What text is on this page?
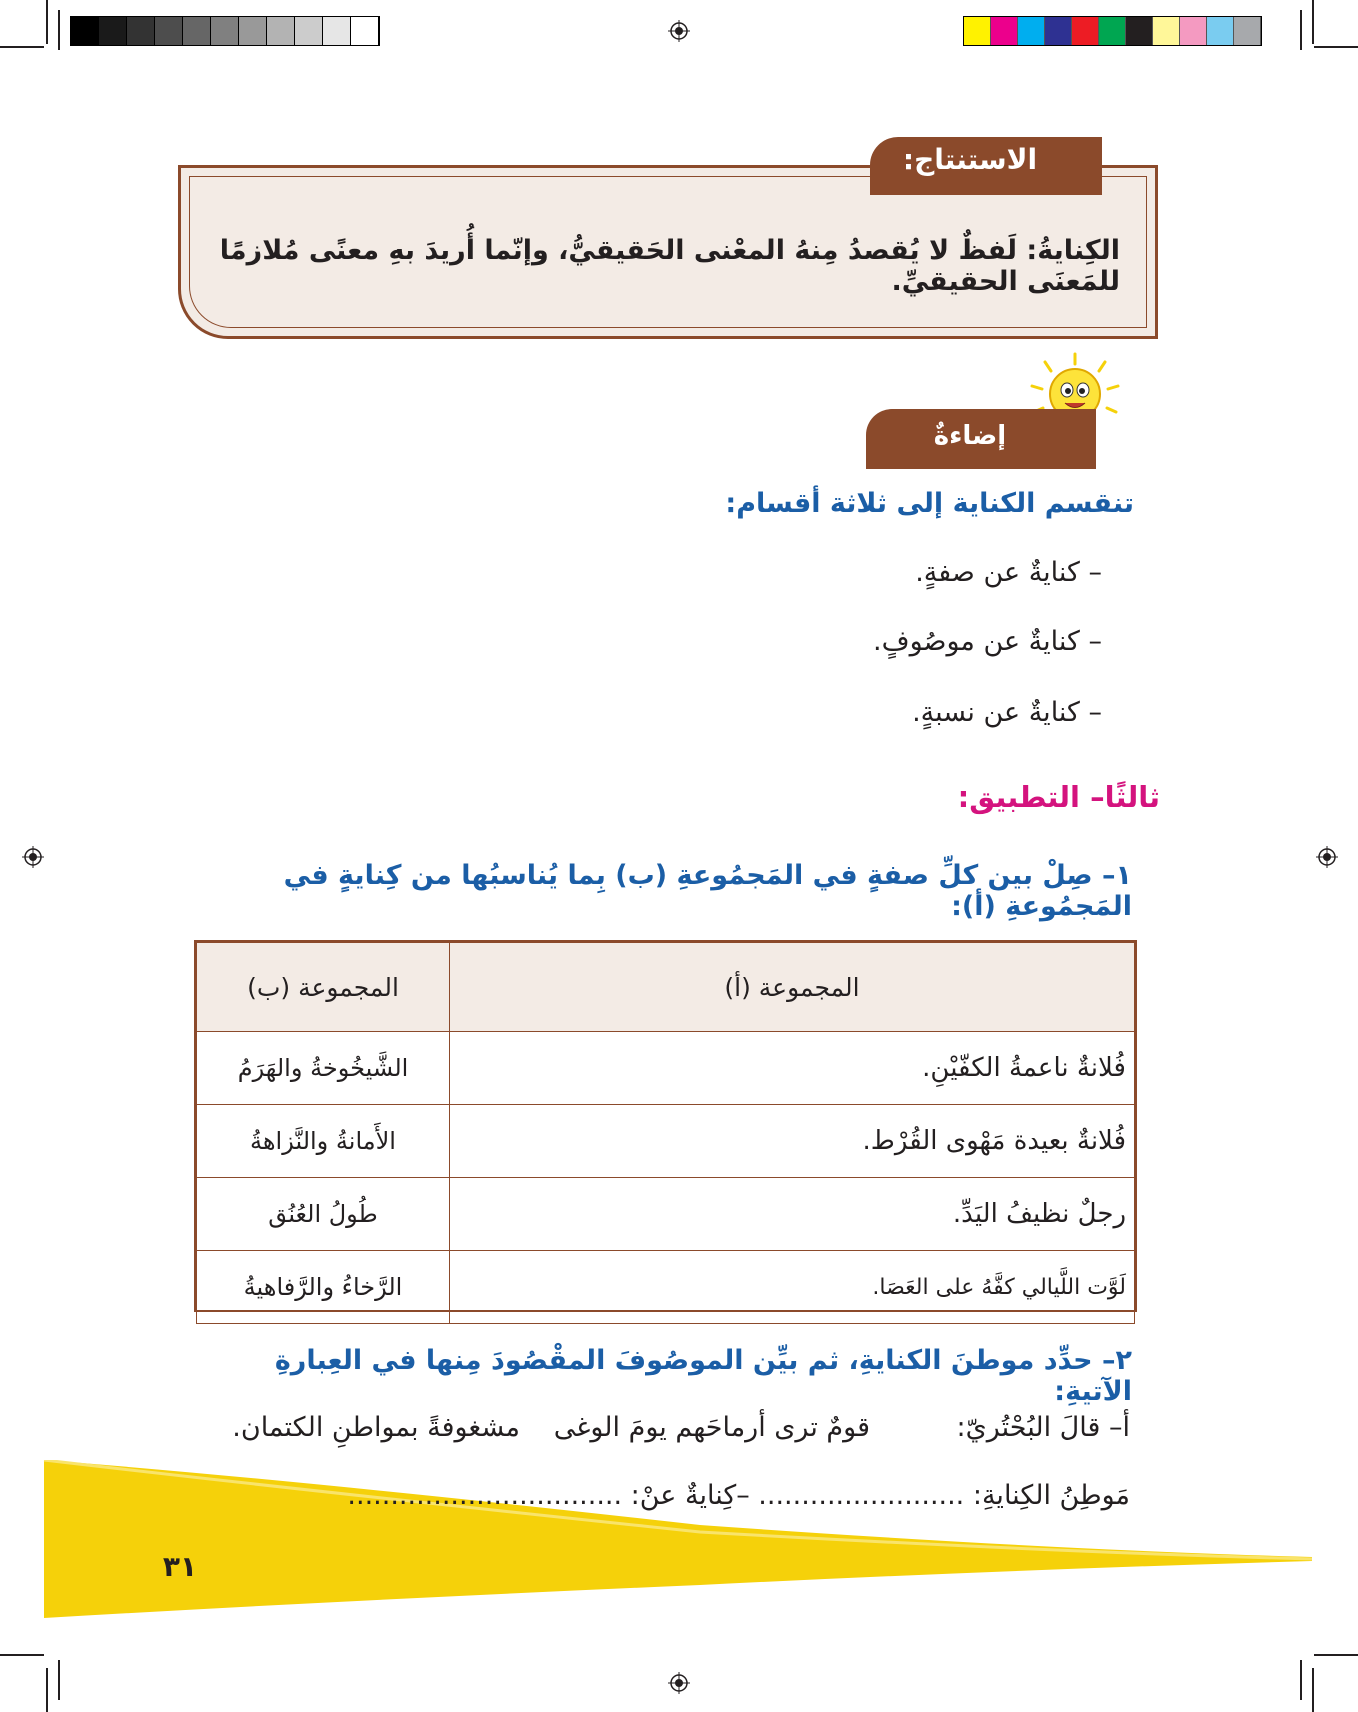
الاستنتاج:
الكِنايةُ: لَفظٌ لا يُقصدُ مِنهُ المعْنى الحَقيقيُّ، وإنّما أُريدَ بهِ معنًى مُلازمًا للمَعنَى الحقيقيِّ.
إضاءةٌ
تنقسم الكناية إلى ثلاثة أقسام:
– كنايةٌ عن صفةٍ.
– كنايةٌ عن موصُوفٍ.
– كنايةٌ عن نسبةٍ.
ثالثًا– التطبيق:
١– صِلْ بين كلِّ صفةٍ في المَجمُوعةِ (ب) بِما يُناسبُها من كِنايةٍ في المَجمُوعةِ (أ):
المجموعة (أ)	المجموعة (ب)
فُلانةٌ ناعمةُ الكفّيْنِ.	الشَّيخُوخةُ والهَرَمُ
فُلانةٌ بعيدة مَهْوى القُرْط.	الأَمانةُ والنَّزاهةُ
رجلٌ نظيفُ اليَدِّ.	طُولُ العُنُق
لَوَّت اللَّيالي كفَّهُ على العَصَا.	الرَّخاءُ والرَّفاهيةُ
٢– حدِّد موطنَ الكنايةِ، ثم بيِّن الموصُوفَ المقْصُودَ مِنها في العِبارةِ الآتيةِ:
أ– قالَ البُحْتُريّ:
قومٌ ترى أرماحَهم يومَ الوغى
مشغوفةً بمواطنِ الكتمان.
مَوطِنُ الكِنايةِ: ........................ –كِنايةٌ عنْ: ................................
٣١
